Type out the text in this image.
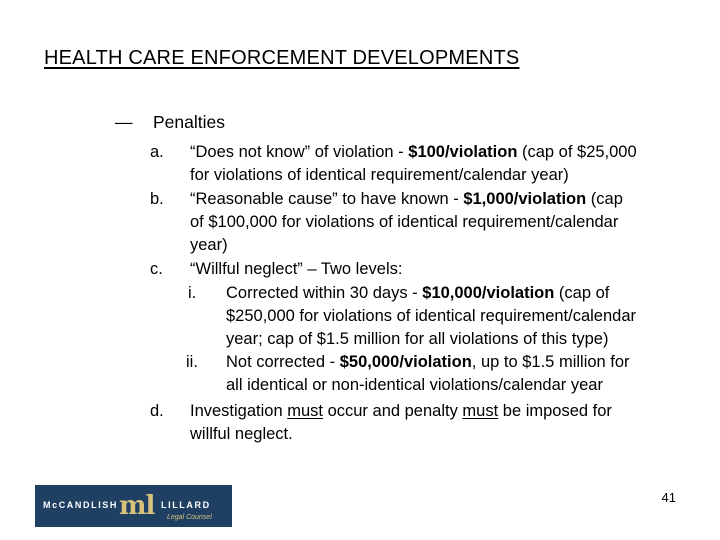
HEALTH CARE ENFORCEMENT DEVELOPMENTS
— Penalties
a. “Does not know” of violation - $100/violation (cap of $25,000
for violations of identical requirement/calendar year)
b. “Reasonable cause” to have known - $1,000/violation (cap
of $100,000 for violations of identical requirement/calendar
year)
c. “Willful neglect” – Two levels:
i. Corrected within 30 days - $10,000/violation (cap of
$250,000 for violations of identical requirement/calendar
year; cap of $1.5 million for all violations of this type)
ii. Not corrected - $50,000/violation, up to $1.5 million for
all identical or non-identical violations/calendar year
d. Investigation must occur and penalty must be imposed for
willful neglect.
McCANDLISH ml LILLARD
Legal Counsel
41
